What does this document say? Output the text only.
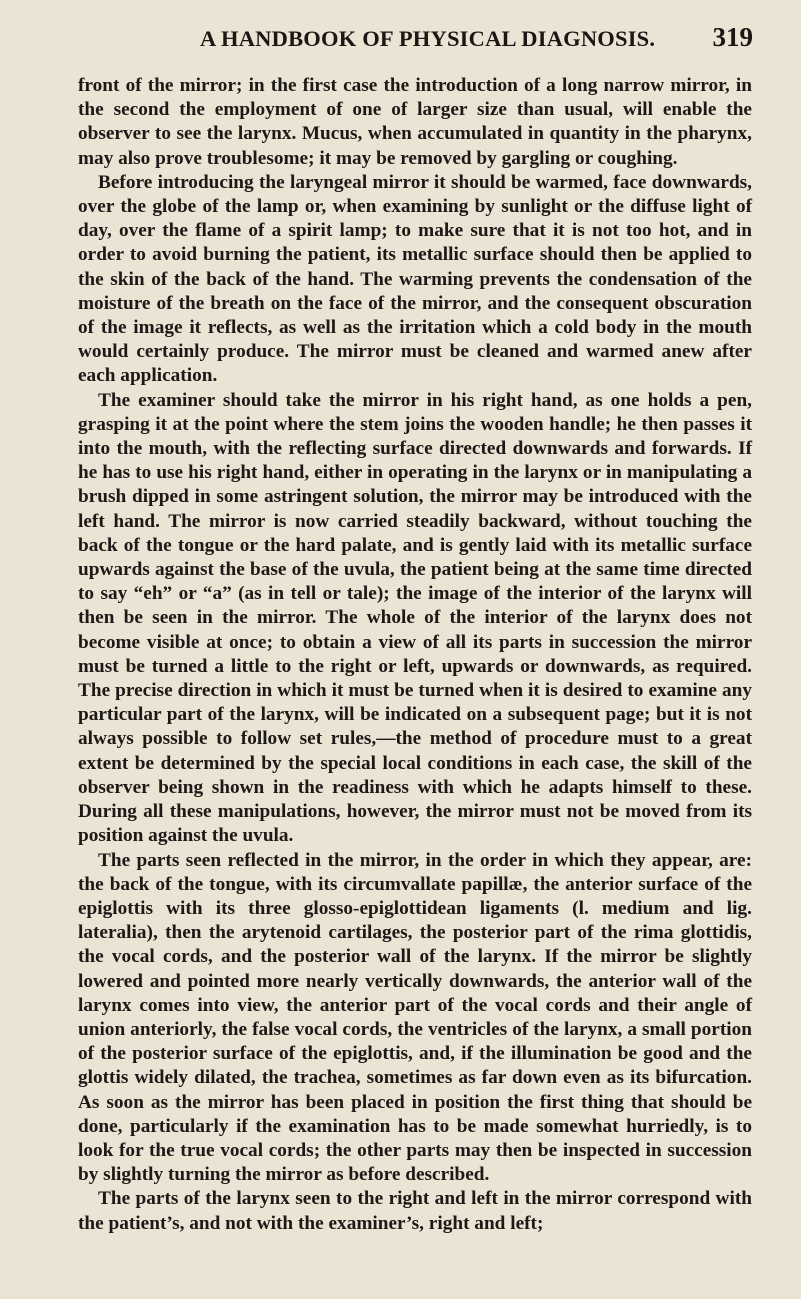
A HANDBOOK OF PHYSICAL DIAGNOSIS. 319

front of the mirror; in the first case the introduction of a long narrow mirror, in the second the employment of one of larger size than usual, will enable the observer to see the larynx. Mucus, when accumulated in quantity in the pharynx, may also prove troublesome; it may be removed by gargling or coughing.

Before introducing the laryngeal mirror it should be warmed, face downwards, over the globe of the lamp or, when examining by sunlight or the diffuse light of day, over the flame of a spirit lamp; to make sure that it is not too hot, and in order to avoid burning the patient, its metallic surface should then be applied to the skin of the back of the hand. The warming prevents the condensation of the moisture of the breath on the face of the mirror, and the consequent obscuration of the image it reflects, as well as the irritation which a cold body in the mouth would certainly produce. The mirror must be cleaned and warmed anew after each application.

The examiner should take the mirror in his right hand, as one holds a pen, grasping it at the point where the stem joins the wooden handle; he then passes it into the mouth, with the reflecting surface directed downwards and forwards. If he has to use his right hand, either in operating in the larynx or in manipulating a brush dipped in some astringent solution, the mirror may be introduced with the left hand. The mirror is now carried steadily backward, without touching the back of the tongue or the hard palate, and is gently laid with its metallic surface upwards against the base of the uvula, the patient being at the same time directed to say “eh” or “a” (as in tell or tale); the image of the interior of the larynx will then be seen in the mirror. The whole of the interior of the larynx does not become visible at once; to obtain a view of all its parts in succession the mirror must be turned a little to the right or left, upwards or downwards, as required. The precise direction in which it must be turned when it is desired to examine any particular part of the larynx, will be indicated on a subsequent page; but it is not always possible to follow set rules,—the method of procedure must to a great extent be determined by the special local conditions in each case, the skill of the observer being shown in the readiness with which he adapts himself to these. During all these manipulations, however, the mirror must not be moved from its position against the uvula.

The parts seen reflected in the mirror, in the order in which they appear, are: the back of the tongue, with its circumvallate papillæ, the anterior surface of the epiglottis with its three glosso-epiglottidean ligaments (l. medium and lig. lateralia), then the arytenoid cartilages, the posterior part of the rima glottidis, the vocal cords, and the posterior wall of the larynx. If the mirror be slightly lowered and pointed more nearly vertically downwards, the anterior wall of the larynx comes into view, the anterior part of the vocal cords and their angle of union anteriorly, the false vocal cords, the ventricles of the larynx, a small portion of the posterior surface of the epiglottis, and, if the illumination be good and the glottis widely dilated, the trachea, sometimes as far down even as its bifurcation. As soon as the mirror has been placed in position the first thing that should be done, particularly if the examination has to be made somewhat hurriedly, is to look for the true vocal cords; the other parts may then be inspected in succession by slightly turning the mirror as before described.

The parts of the larynx seen to the right and left in the mirror correspond with the patient’s, and not with the examiner’s, right and left;
